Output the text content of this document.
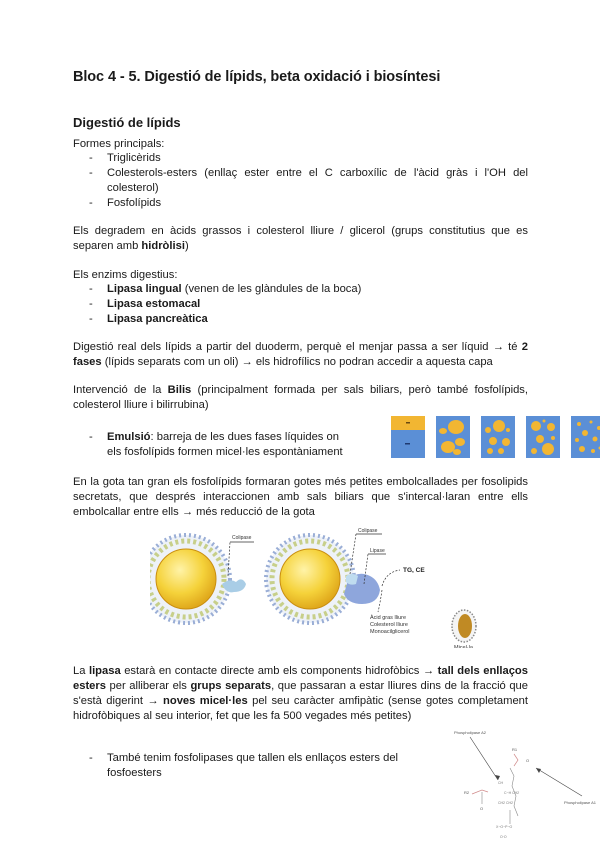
Bloc 4 - 5. Digestió de lípids, beta oxidació i biosíntesi
Digestió de lípids
Formes principals:
- Triglicèrids
- Colesterols-esters (enllaç ester entre el C carboxílic de l'àcid gràs i l'OH del colesterol)
- Fosfolípids
Els degradem en àcids grassos i colesterol lliure / glicerol (grups constitutius que es separen amb hidròlisi)
Els enzims digestius:
- Lipasa lingual (venen de les glàndules de la boca)
- Lipasa estomacal
- Lipasa pancreàtica
Digestió real dels lípids a partir del duoderm, perquè el menjar passa a ser líquid → té 2 fases (lípids separats com un oli) → els hidrofílics no podran accedir a aquesta capa
Intervenció de la Bilis (principalment formada per sals biliars, però també fosfolípids, colesterol lliure i bilirrubina)
- Emulsió: barreja de les dues fases líquides on els fosfolípids formen micel·les espontàniament
En la gota tan gran els fosfolípids formaran gotes més petites embolcallades per fosolipids secretats, que després interaccionen amb sals biliars que s'intercal·laran entre ells embolcallar entre ells → més reducció de la gota
Colipase
Colipase
Lipase
TG, CE
Àcid gras lliure
Colesterol lliure
Monoacilglicerol
Micel·la
La lipasa estarà en contacte directe amb els components hidrofòbics → tall dels enllaços esters per alliberar els grups separats, que passaran a estar lliures dins de la fracció que s'està digerint → noves micel·les pel seu caràcter amfipàtic (sense gotes completament hidrofòbiques al seu interior, fet que les fa 500 vegades més petites)
- També tenim fosfolipases que tallen els enllaços esters del fosfoesters
Phospholipase A2
R1
O
Phospholipase A1
R2
O
CH
C−H CH2
CH2 CH2
X−O−P−O
O·O
